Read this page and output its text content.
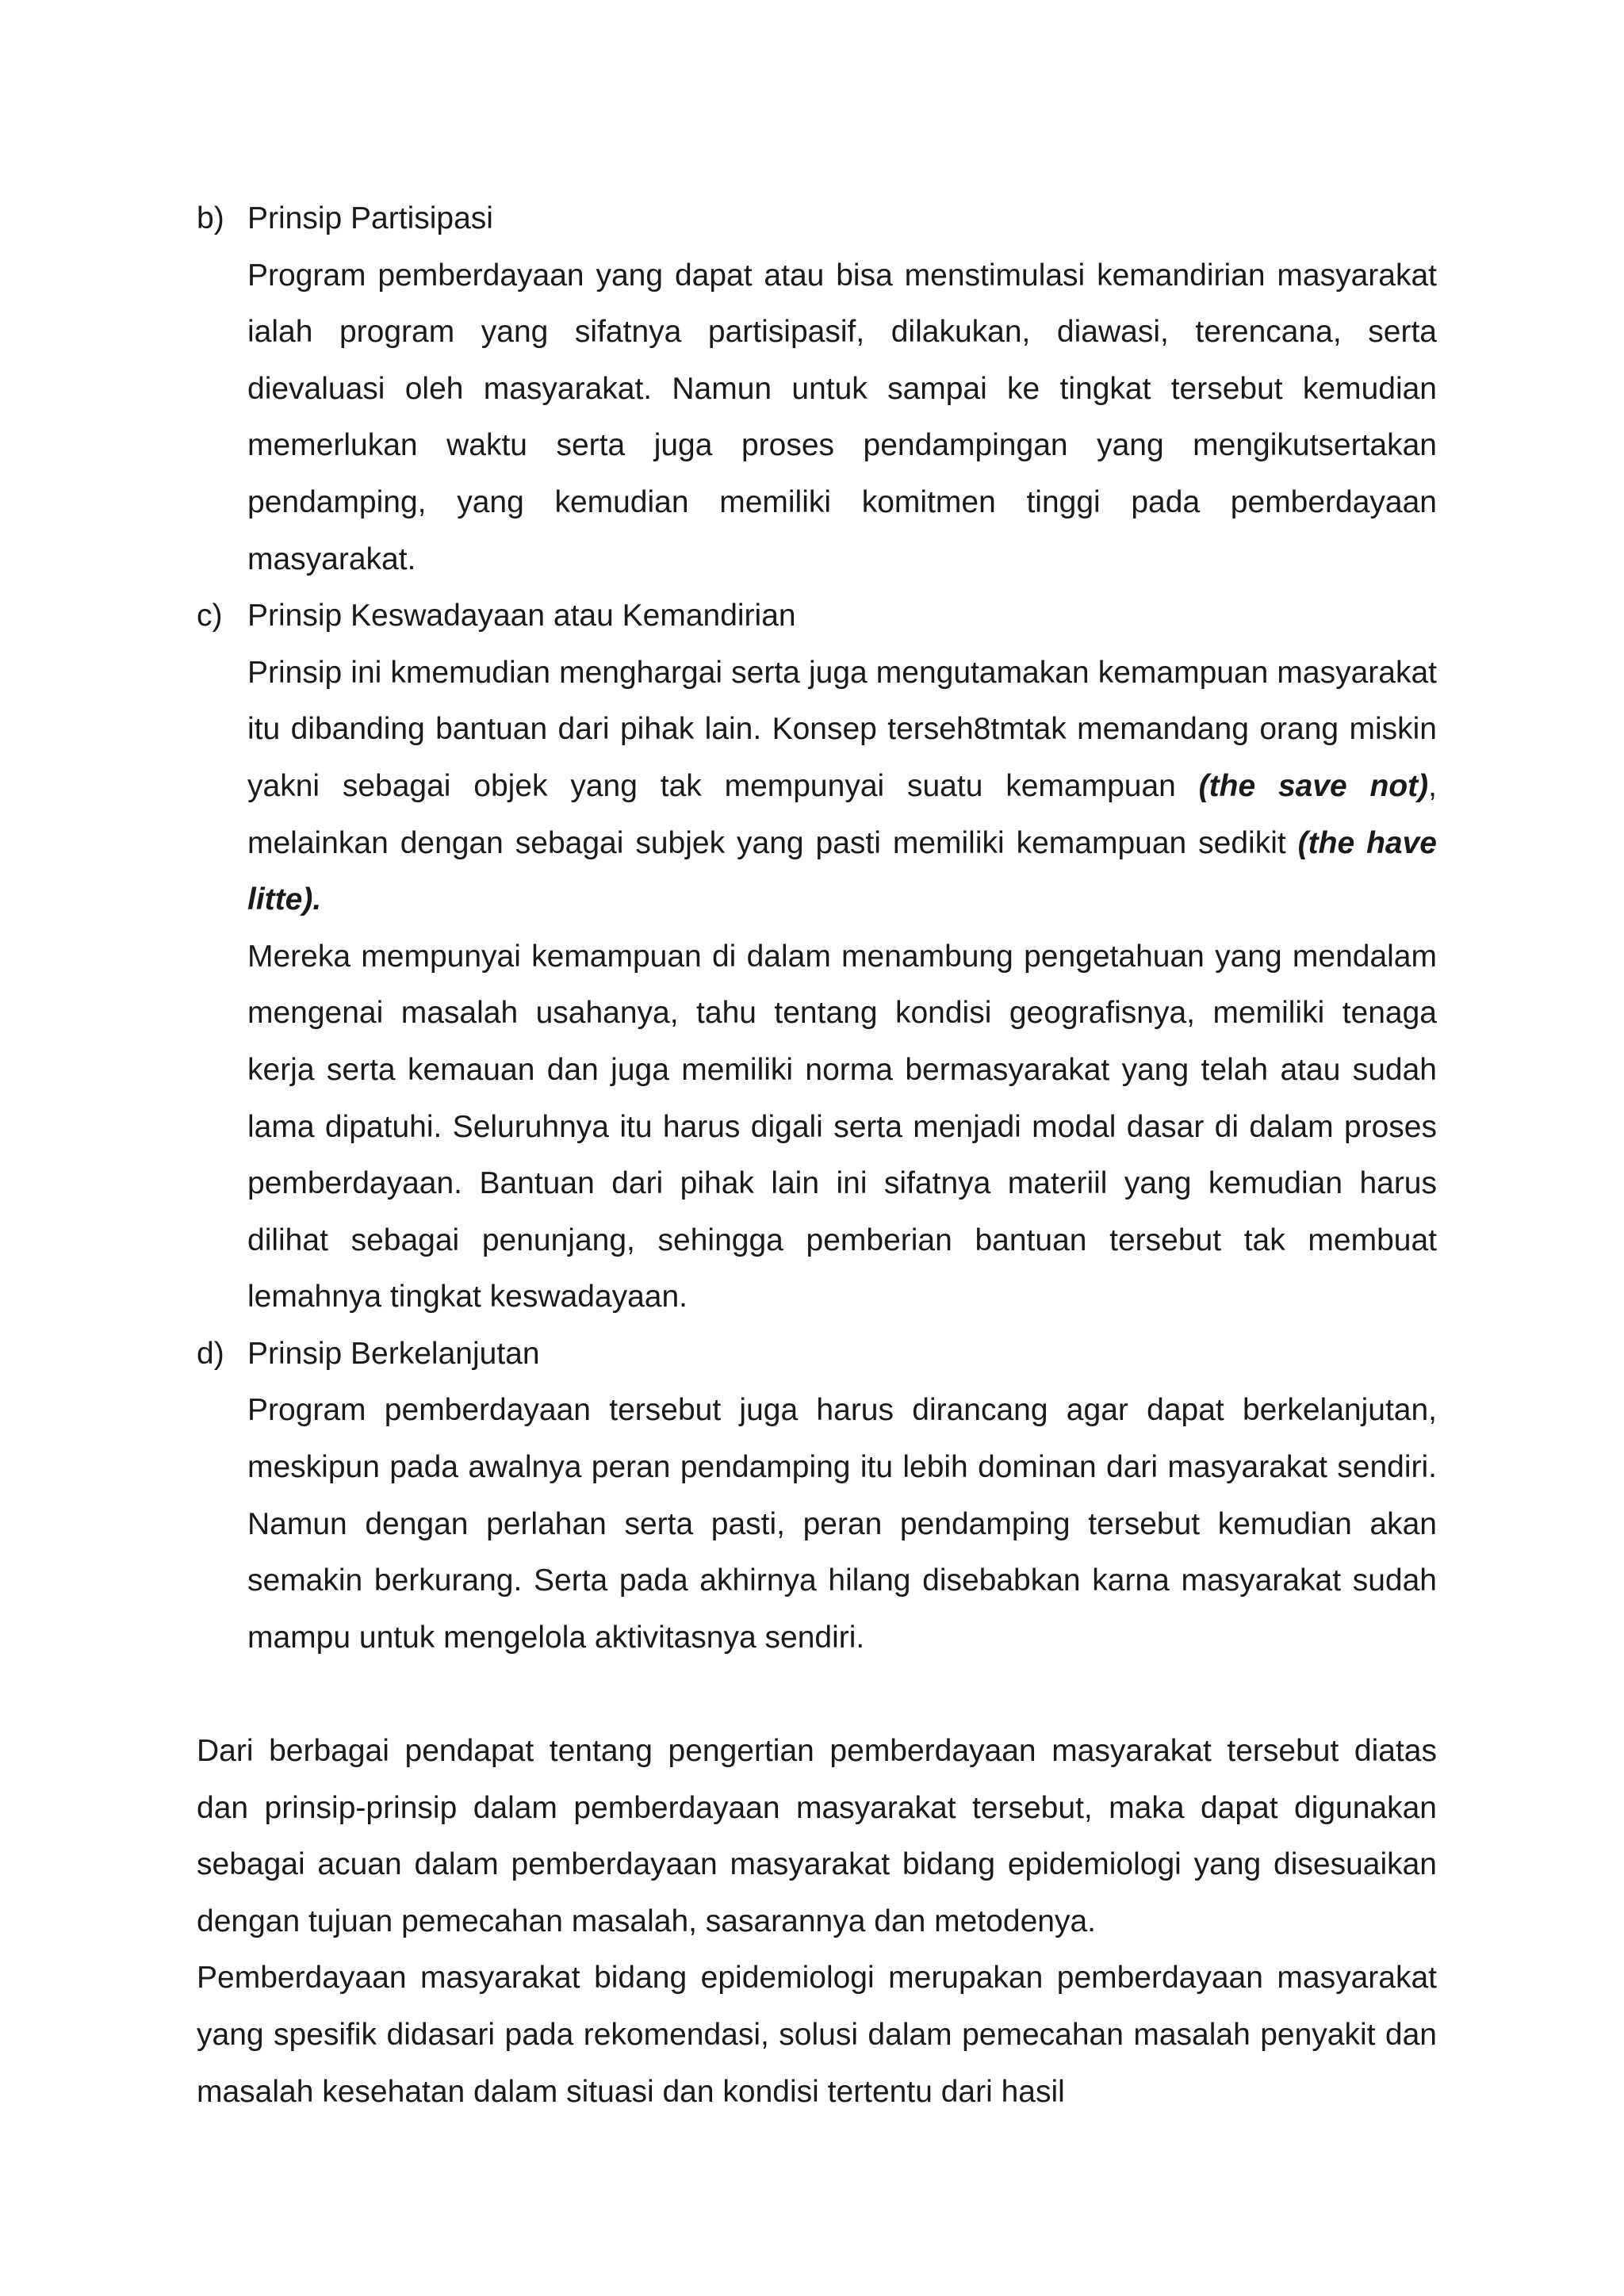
b) Prinsip Partisipasi

Program pemberdayaan yang dapat atau bisa menstimulasi kemandirian masyarakat ialah program yang sifatnya partisipasif, dilakukan, diawasi, terencana, serta dievaluasi oleh masyarakat. Namun untuk sampai ke tingkat tersebut kemudian memerlukan waktu serta juga proses pendampingan yang mengikutsertakan pendamping, yang kemudian memiliki komitmen tinggi pada pemberdayaan masyarakat.

c) Prinsip Keswadayaan atau Kemandirian

Prinsip ini kmemudian menghargai serta juga mengutamakan kemampuan masyarakat itu dibanding bantuan dari pihak lain. Konsep terseh8tmtak memandang orang miskin yakni sebagai objek yang tak mempunyai suatu kemampuan (the save not), melainkan dengan sebagai subjek yang pasti memiliki kemampuan sedikit (the have litte).

Mereka mempunyai kemampuan di dalam menambung pengetahuan yang mendalam mengenai masalah usahanya, tahu tentang kondisi geografisnya, memiliki tenaga kerja serta kemauan dan juga memiliki norma bermasyarakat yang telah atau sudah lama dipatuhi. Seluruhnya itu harus digali serta menjadi modal dasar di dalam proses pemberdayaan. Bantuan dari pihak lain ini sifatnya materiil yang kemudian harus dilihat sebagai penunjang, sehingga pemberian bantuan tersebut tak membuat lemahnya tingkat keswadayaan.

d) Prinsip Berkelanjutan

Program pemberdayaan tersebut juga harus dirancang agar dapat berkelanjutan, meskipun pada awalnya peran pendamping itu lebih dominan dari masyarakat sendiri. Namun dengan perlahan serta pasti, peran pendamping tersebut kemudian akan semakin berkurang. Serta pada akhirnya hilang disebabkan karna masyarakat sudah mampu untuk mengelola aktivitasnya sendiri.

Dari berbagai pendapat tentang pengertian pemberdayaan masyarakat tersebut diatas dan prinsip-prinsip dalam pemberdayaan masyarakat tersebut, maka dapat digunakan sebagai acuan dalam pemberdayaan masyarakat bidang epidemiologi yang disesuaikan dengan tujuan pemecahan masalah, sasarannya dan metodenya.

Pemberdayaan masyarakat bidang epidemiologi merupakan pemberdayaan masyarakat yang spesifik didasari pada rekomendasi, solusi dalam pemecahan masalah penyakit dan masalah kesehatan dalam situasi dan kondisi tertentu dari hasil
